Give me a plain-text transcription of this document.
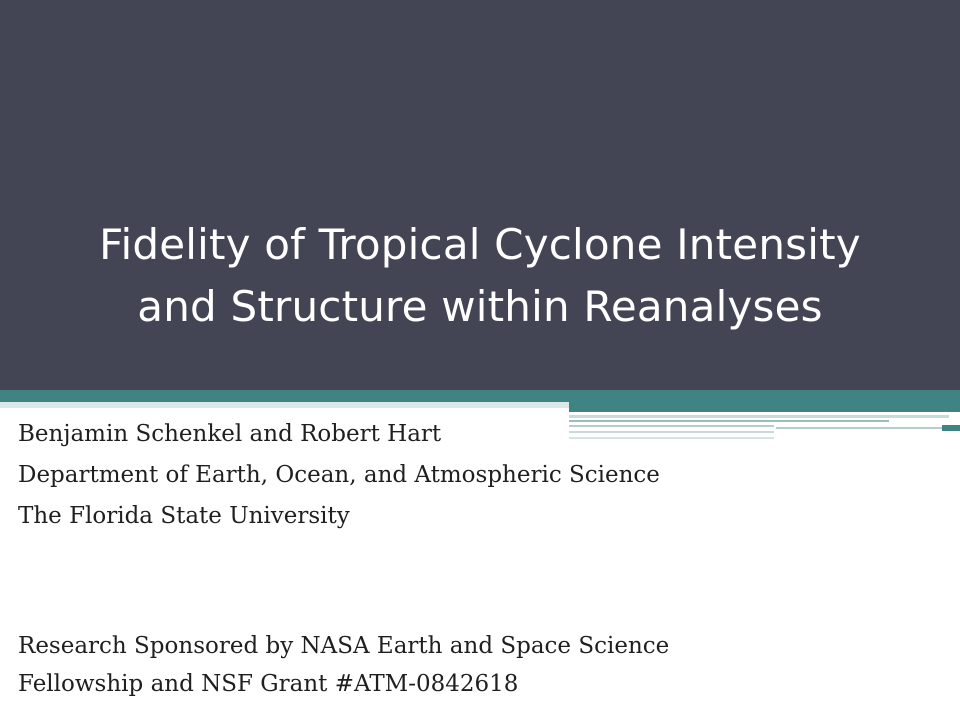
Fidelity of Tropical Cyclone Intensity
and Structure within Reanalyses
Benjamin Schenkel and Robert Hart
Department of Earth, Ocean, and Atmospheric Science
The Florida State University
Research Sponsored by NASA Earth and Space Science
Fellowship and NSF Grant #ATM-0842618
